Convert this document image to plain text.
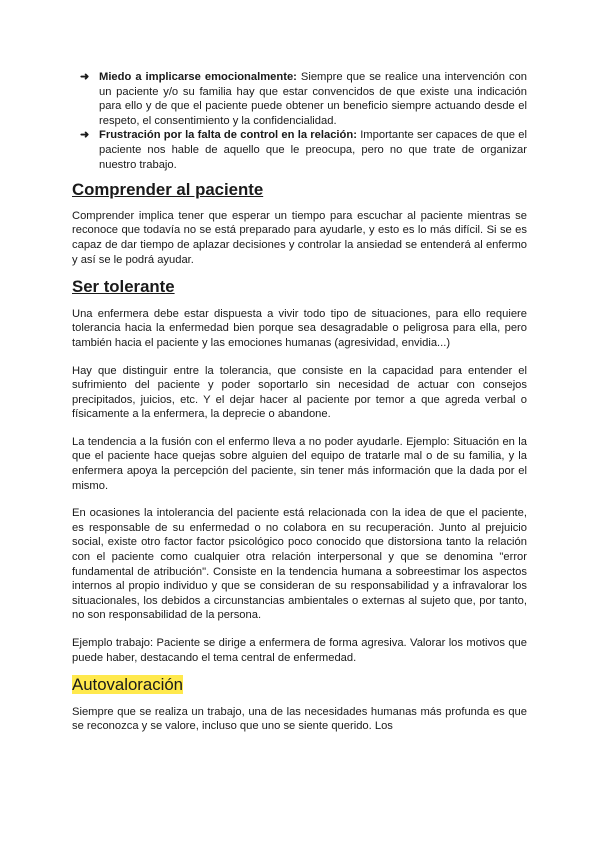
➜ Miedo a implicarse emocionalmente: Siempre que se realice una intervención con un paciente y/o su familia hay que estar convencidos de que existe una indicación para ello y de que el paciente puede obtener un beneficio siempre actuando desde el respeto, el consentimiento y la confidencialidad.
➜ Frustración por la falta de control en la relación: Importante ser capaces de que el paciente nos hable de aquello que le preocupa, pero no que trate de organizar nuestro trabajo.
Comprender al paciente

Comprender implica tener que esperar un tiempo para escuchar al paciente mientras se reconoce que todavía no se está preparado para ayudarle, y esto es lo más difícil. Si se es capaz de dar tiempo de aplazar decisiones y controlar la ansiedad se entenderá al enfermo y así se le podrá ayudar.

Ser tolerante

Una enfermera debe estar dispuesta a vivir todo tipo de situaciones, para ello requiere tolerancia hacia la enfermedad bien porque sea desagradable o peligrosa para ella, pero también hacia el paciente y las emociones humanas (agresividad, envidia...)

Hay que distinguir entre la tolerancia, que consiste en la capacidad para entender el sufrimiento del paciente y poder soportarlo sin necesidad de actuar con consejos precipitados, juicios, etc. Y el dejar hacer al paciente por temor a que agreda verbal o físicamente a la enfermera, la deprecie o abandone.

La tendencia a la fusión con el enfermo lleva a no poder ayudarle. Ejemplo: Situación en la que el paciente hace quejas sobre alguien del equipo de tratarle mal o de su familia, y la enfermera apoya la percepción del paciente, sin tener más información que la dada por el mismo.

En ocasiones la intolerancia del paciente está relacionada con la idea de que el paciente, es responsable de su enfermedad o no colabora en su recuperación. Junto al prejuicio social, existe otro factor factor psicológico poco conocido que distorsiona tanto la relación con el paciente como cualquier otra relación interpersonal y que se denomina "error fundamental de atribución". Consiste en la tendencia humana a sobreestimar los aspectos internos al propio individuo y que se consideran de su responsabilidad y a infravalorar los situacionales, los debidos a circunstancias ambientales o externas al sujeto que, por tanto, no son responsabilidad de la persona.

Ejemplo trabajo: Paciente se dirige a enfermera de forma agresiva. Valorar los motivos que puede haber, destacando el tema central de enfermedad.

Autovaloración

Siempre que se realiza un trabajo, una de las necesidades humanas más profunda es que se reconozca y se valore, incluso que uno se siente querido. Los
